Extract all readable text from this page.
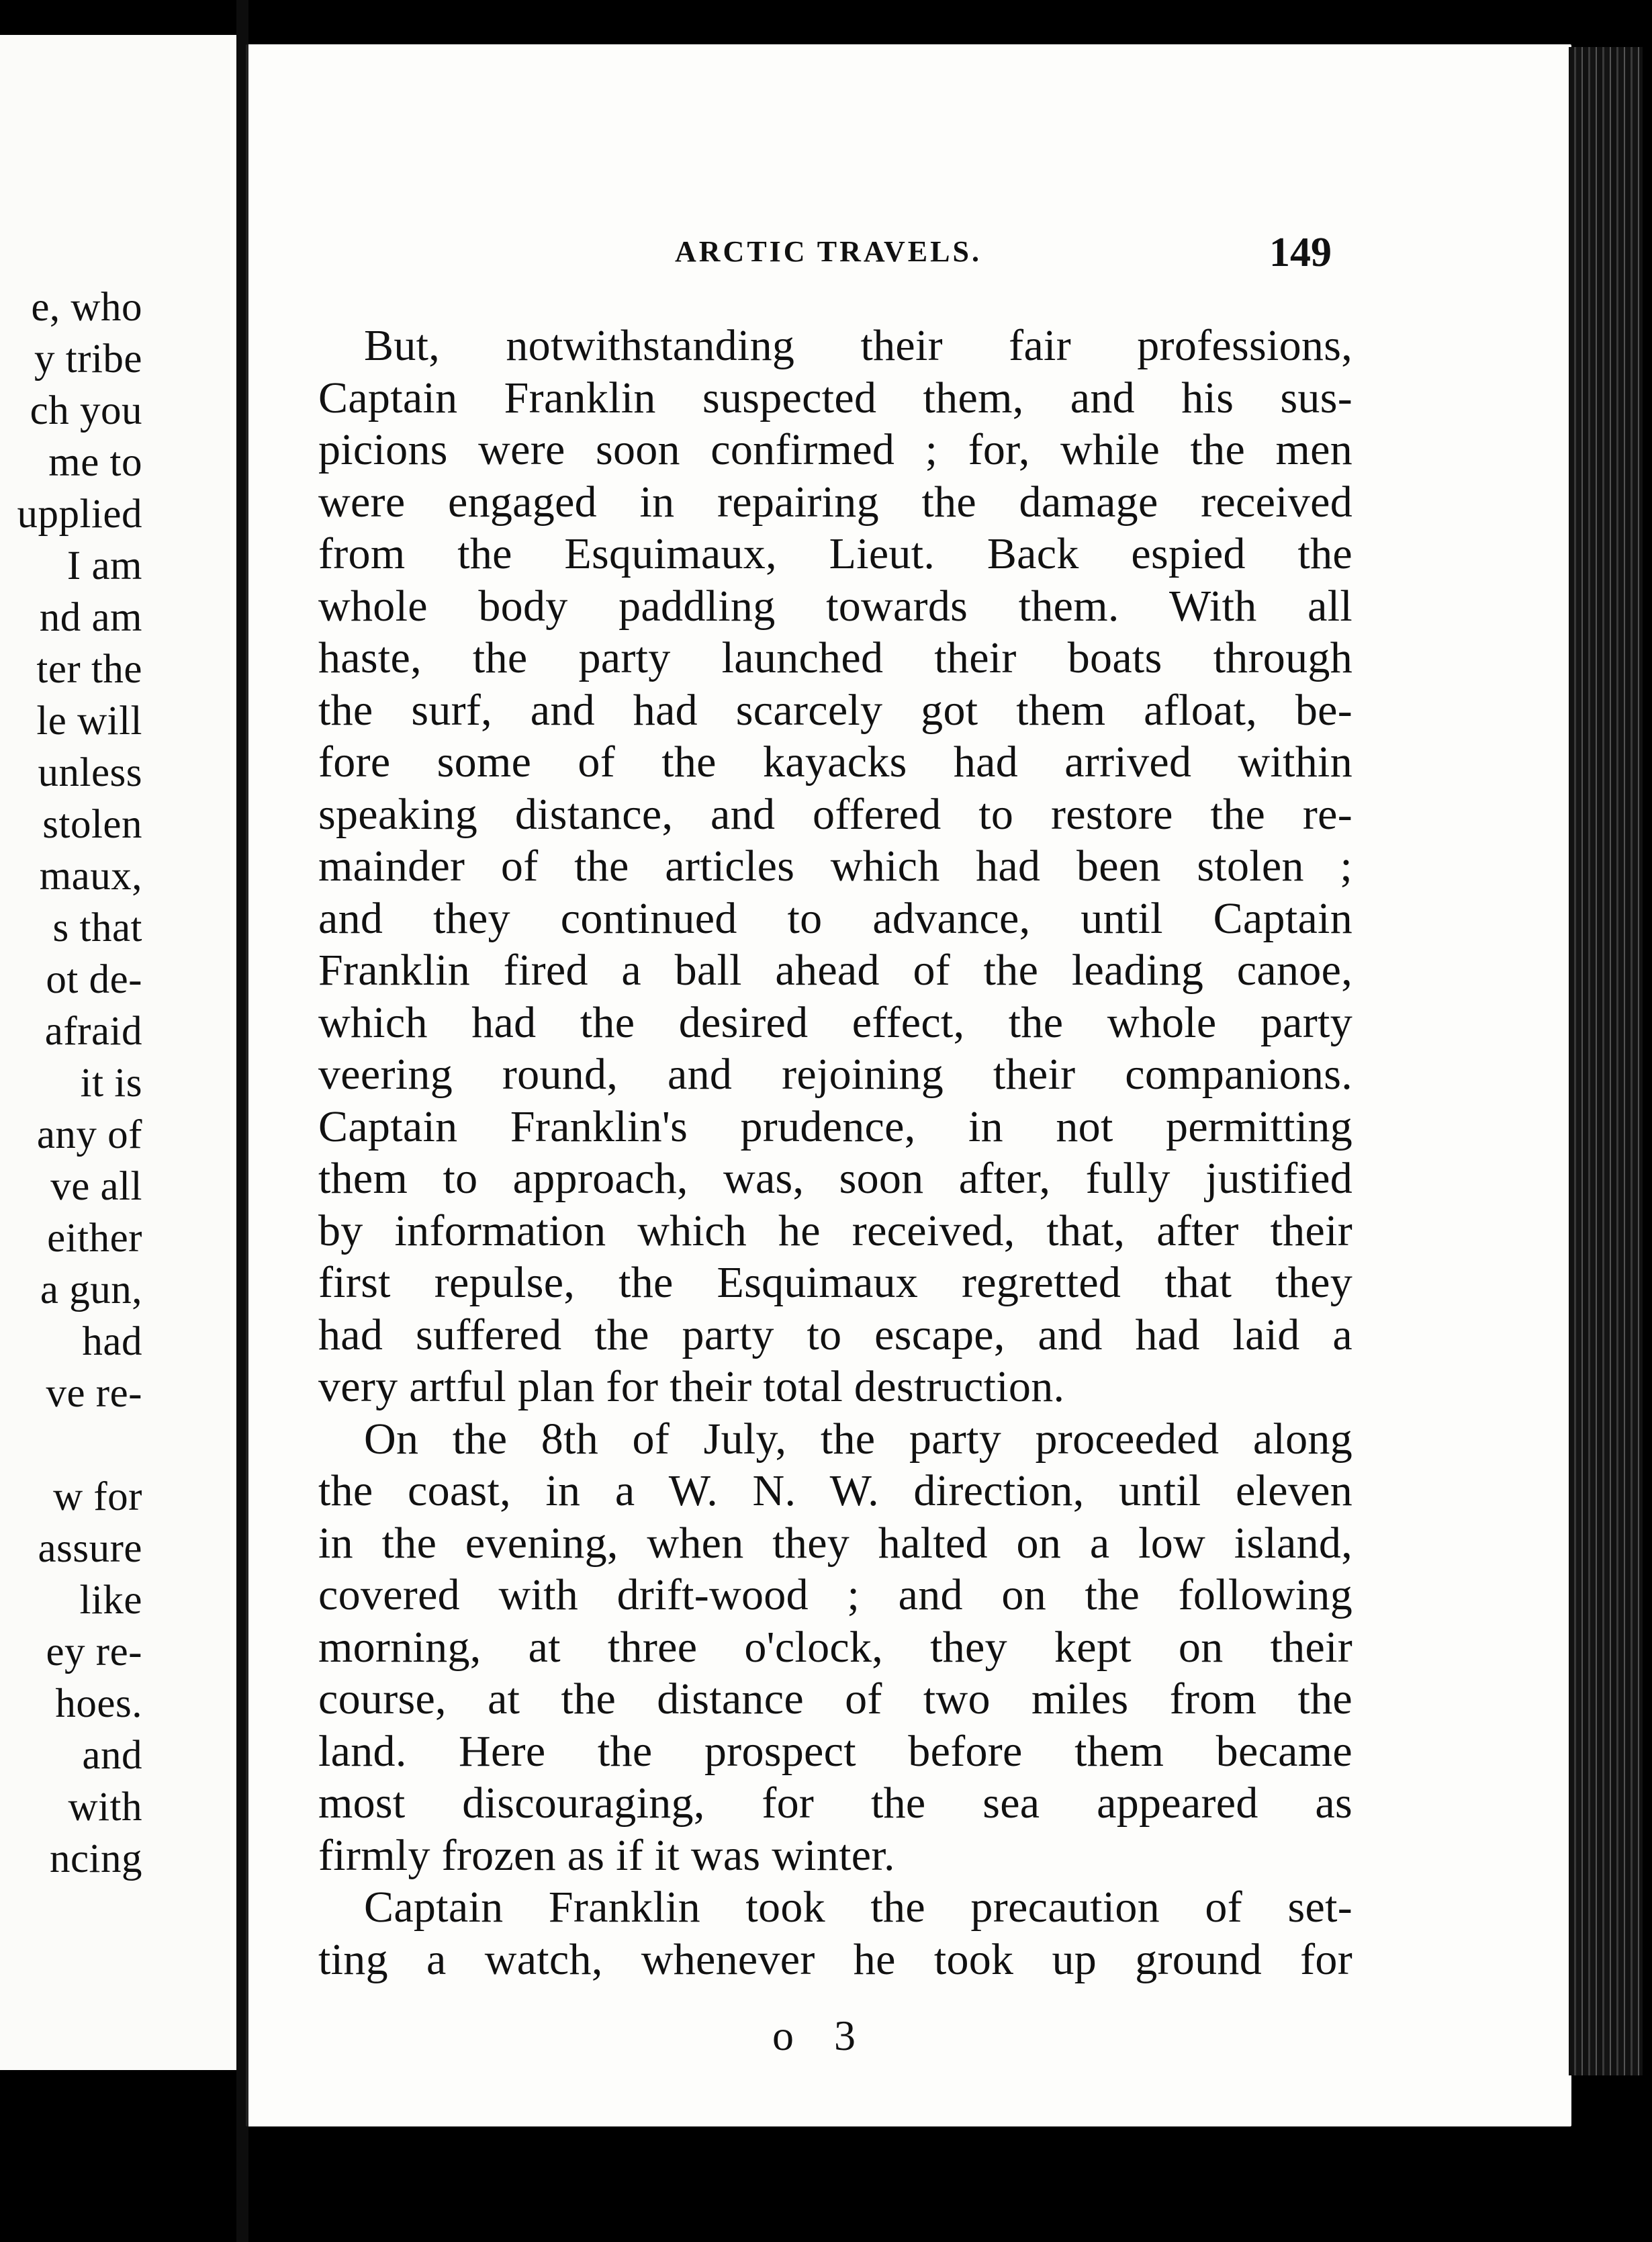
e, who
y tribe
ch you
me to
upplied
I am
nd am
ter the
le will
unless
stolen
maux,
s that
ot de-
afraid
it is
any of
ve all
either
a gun,
had
ve re-
w for
assure
like
ey re-
hoes.
and
with
ncing
ARCTIC TRAVELS.	149
But, notwithstanding their fair professions,
Captain Franklin suspected them, and his sus-
picions were soon confirmed ; for, while the men
were engaged in repairing the damage received
from the Esquimaux, Lieut. Back espied the
whole body paddling towards them. With all
haste, the party launched their boats through
the surf, and had scarcely got them afloat, be-
fore some of the kayacks had arrived within
speaking distance, and offered to restore the re-
mainder of the articles which had been stolen ;
and they continued to advance, until Captain
Franklin fired a ball ahead of the leading canoe,
which had the desired effect, the whole party
veering round, and rejoining their companions.
Captain Franklin's prudence, in not permitting
them to approach, was, soon after, fully justified
by information which he received, that, after their
first repulse, the Esquimaux regretted that they
had suffered the party to escape, and had laid a
very artful plan for their total destruction.
On the 8th of July, the party proceeded along
the coast, in a W. N. W. direction, until eleven
in the evening, when they halted on a low island,
covered with drift-wood ; and on the following
morning, at three o'clock, they kept on their
course, at the distance of two miles from the
land. Here the prospect before them became
most discouraging, for the sea appeared as
firmly frozen as if it was winter.
Captain Franklin took the precaution of set-
ting a watch, whenever he took up ground for
o 3
